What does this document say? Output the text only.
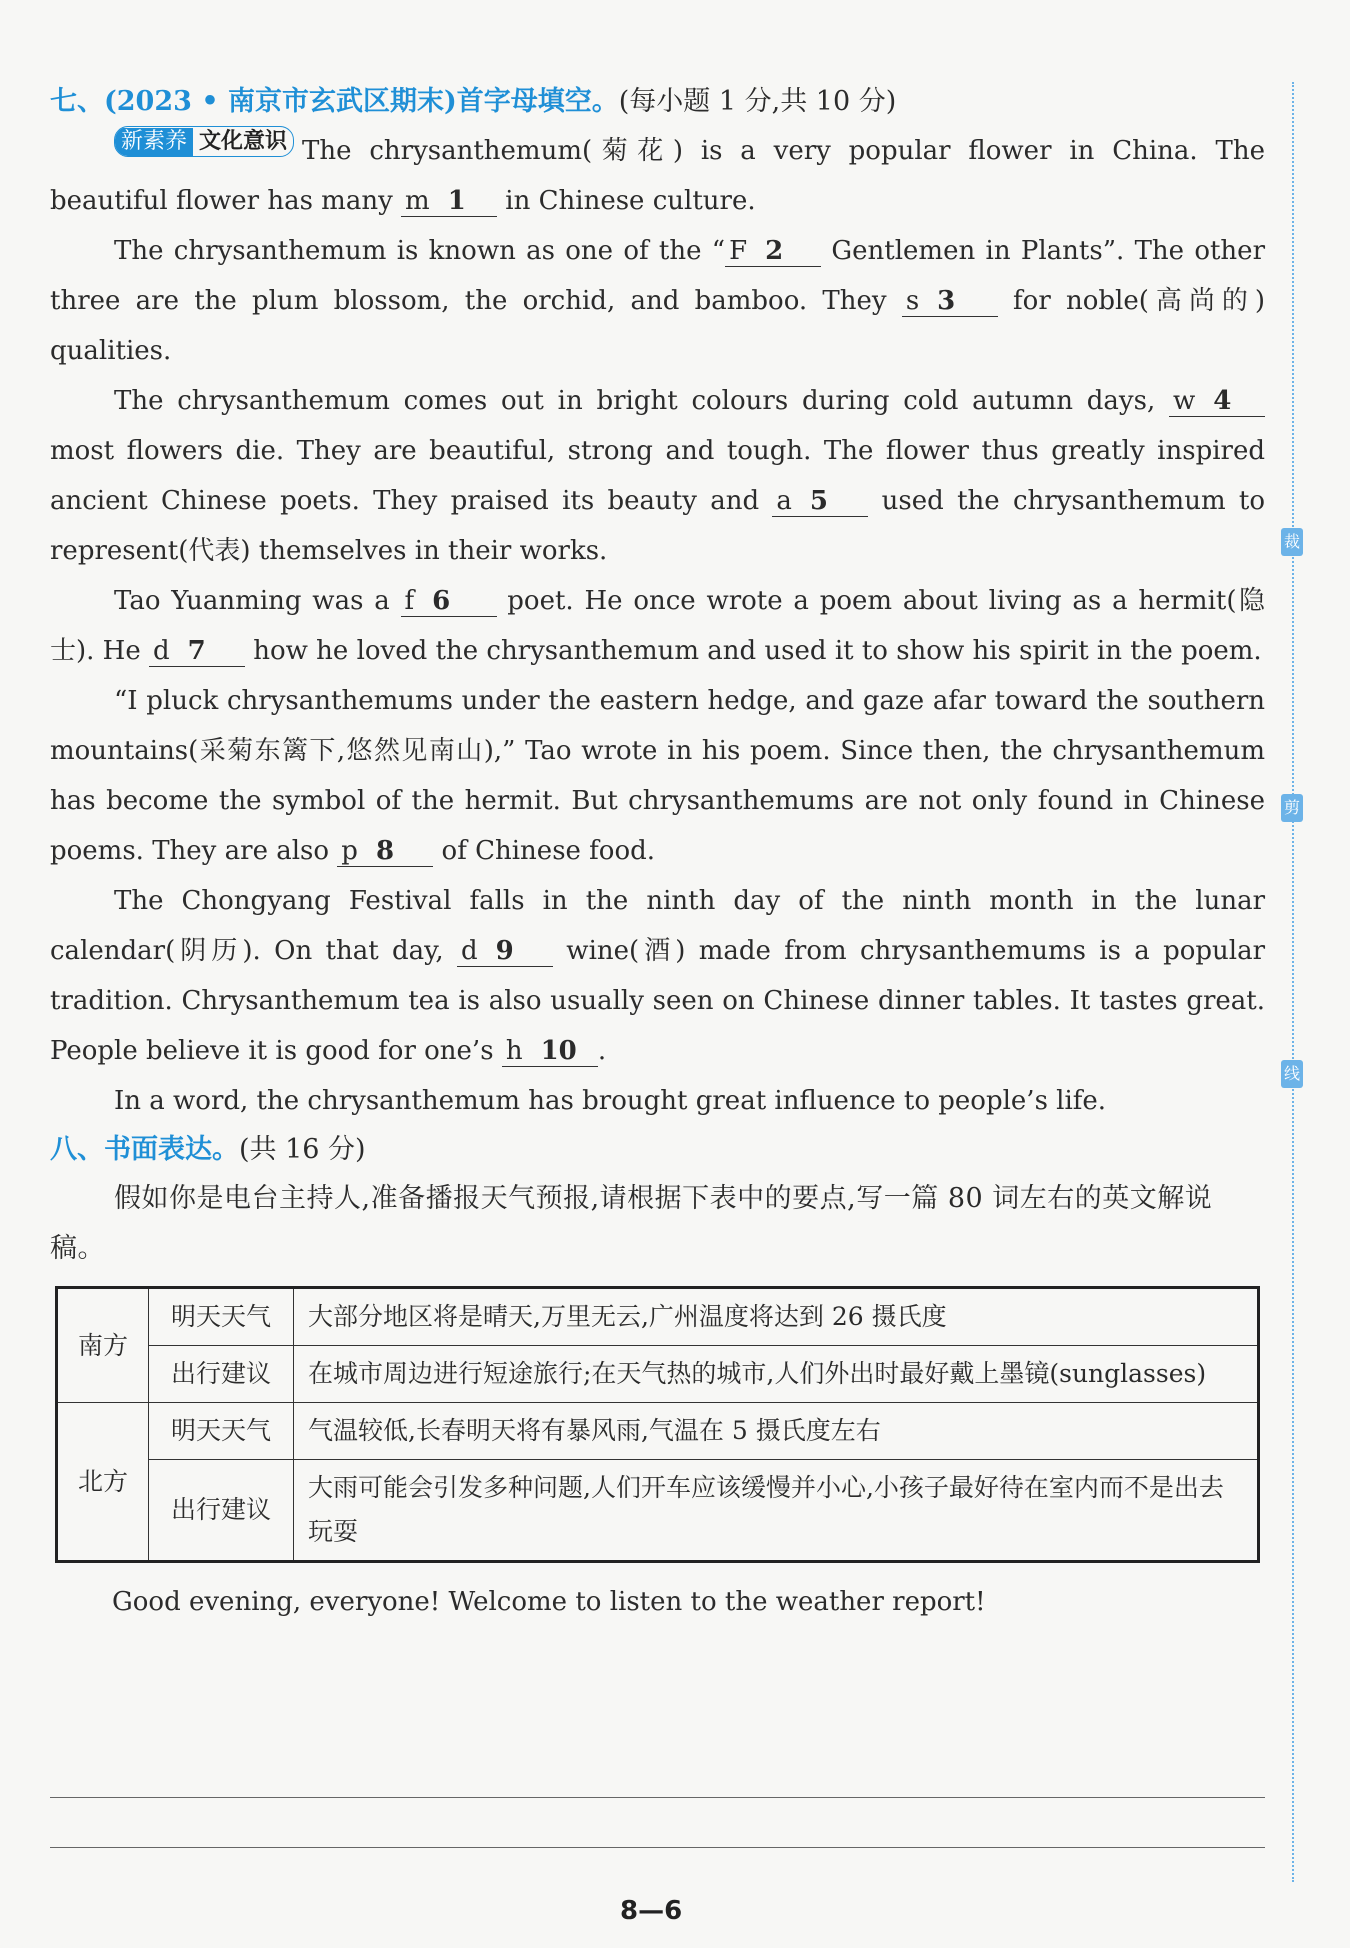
裁
剪
线
七、(2023 • 南京市玄武区期末)首字母填空。(每小题 1 分,共 10 分)

新素养 文化意识 The chrysanthemum(菊花) is a very popular flower in China. The beautiful flower has many m 1 in Chinese culture.

The chrysanthemum is known as one of the “ F 2 Gentlemen in Plants”. The other three are the plum blossom, the orchid, and bamboo. They s 3 for noble(高尚的) qualities.

The chrysanthemum comes out in bright colours during cold autumn days, w 4 most flowers die. They are beautiful, strong and tough. The flower thus greatly inspired ancient Chinese poets. They praised its beauty and a 5 used the chrysanthemum to represent(代表) themselves in their works.

Tao Yuanming was a f 6 poet. He once wrote a poem about living as a hermit(隐士). He d 7 how he loved the chrysanthemum and used it to show his spirit in the poem.

“I pluck chrysanthemums under the eastern hedge, and gaze afar toward the southern mountains(采菊东篱下,悠然见南山),” Tao wrote in his poem. Since then, the chrysanthemum has become the symbol of the hermit. But chrysanthemums are not only found in Chinese poems. They are also p 8 of Chinese food.

The Chongyang Festival falls in the ninth day of the ninth month in the lunar calendar(阴历). On that day, d 9 wine(酒) made from chrysanthemums is a popular tradition. Chrysanthemum tea is also usually seen on Chinese dinner tables. It tastes great. People believe it is good for one’s h 10 .

In a word, the chrysanthemum has brought great influence to people’s life.

八、书面表达。(共 16 分)

假如你是电台主持人,准备播报天气预报,请根据下表中的要点,写一篇 80 词左右的英文解说稿。

南方	明天天气	大部分地区将是晴天,万里无云,广州温度将达到 26 摄氏度
	出行建议	在城市周边进行短途旅行;在天气热的城市,人们外出时最好戴上墨镜(sunglasses)
北方	明天天气	气温较低,长春明天将有暴风雨,气温在 5 摄氏度左右
	出行建议	大雨可能会引发多种问题,人们开车应该缓慢并小心,小孩子最好待在室内而不是出去玩耍

Good evening, everyone! Welcome to listen to the weather report!

8—6
